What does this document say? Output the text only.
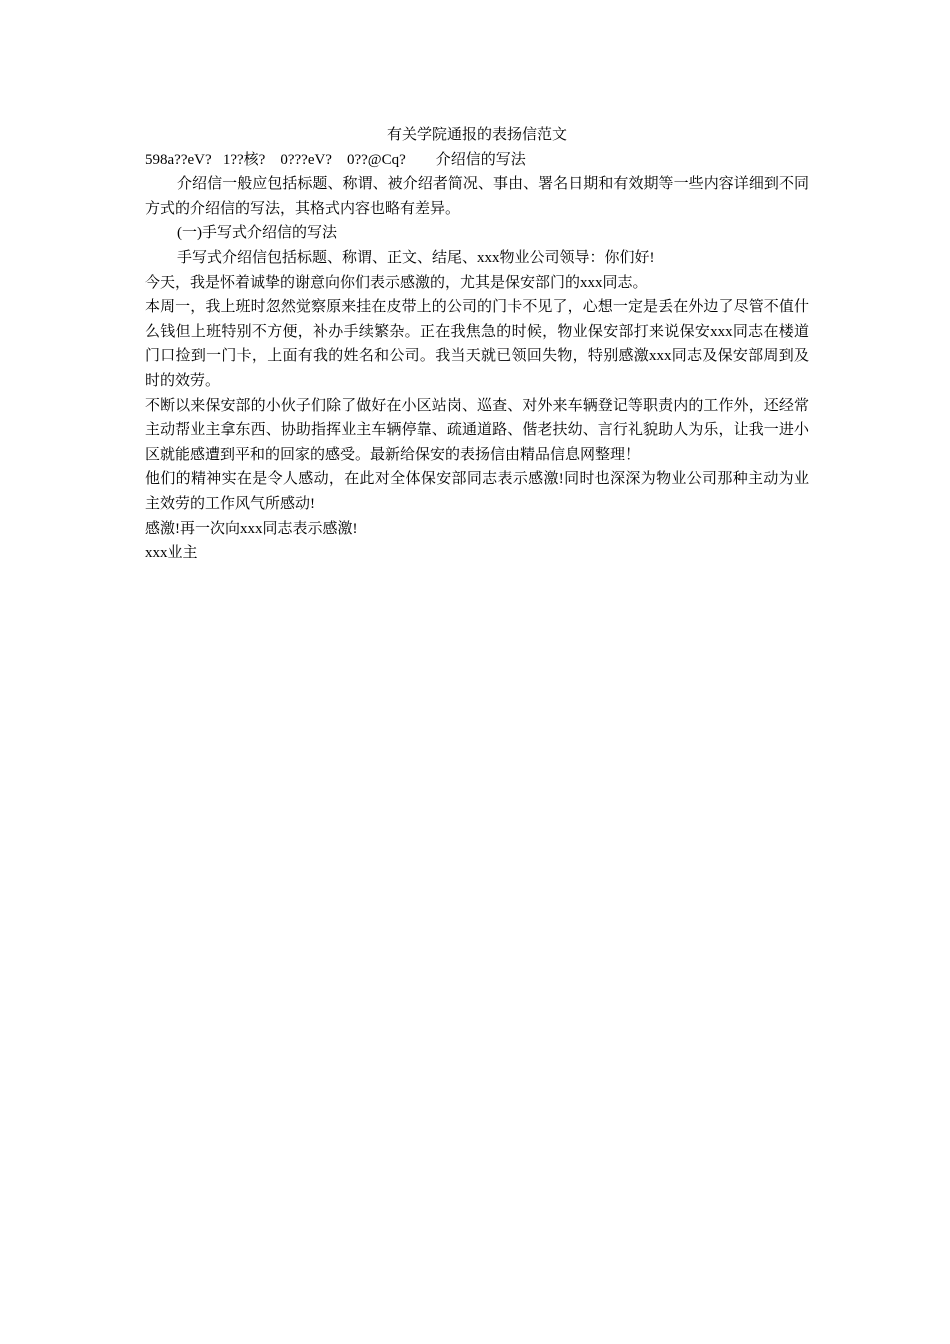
有关学院通报的表扬信范文

598a??eV?   1??核?    0???eV?    0??@Cq?        介绍信的写法

介绍信一般应包括标题、称谓、被介绍者简况、事由、署名日期和有效期等一些内容详细到不同方式的介绍信的写法，其格式内容也略有差异。

(一)手写式介绍信的写法

手写式介绍信包括标题、称谓、正文、结尾、xxx物业公司领导：你们好!

今天，我是怀着诚挚的谢意向你们表示感激的，尤其是保安部门的xxx同志。

本周一，我上班时忽然觉察原来挂在皮带上的公司的门卡不见了，心想一定是丢在外边了尽管不值什么钱但上班特别不方便，补办手续繁杂。正在我焦急的时候，物业保安部打来说保安xxx同志在楼道门口捡到一门卡，上面有我的姓名和公司。我当天就已领回失物，特别感激xxx同志及保安部周到及时的效劳。

不断以来保安部的小伙子们除了做好在小区站岗、巡查、对外来车辆登记等职责内的工作外，还经常主动帮业主拿东西、协助指挥业主车辆停靠、疏通道路、偕老扶幼、言行礼貌助人为乐，让我一进小区就能感遭到平和的回家的感受。最新给保安的表扬信由精品信息网整理！

他们的精神实在是令人感动，在此对全体保安部同志表示感激!同时也深深为物业公司那种主动为业主效劳的工作风气所感动!

感激!再一次向xxx同志表示感激!

xxx业主
